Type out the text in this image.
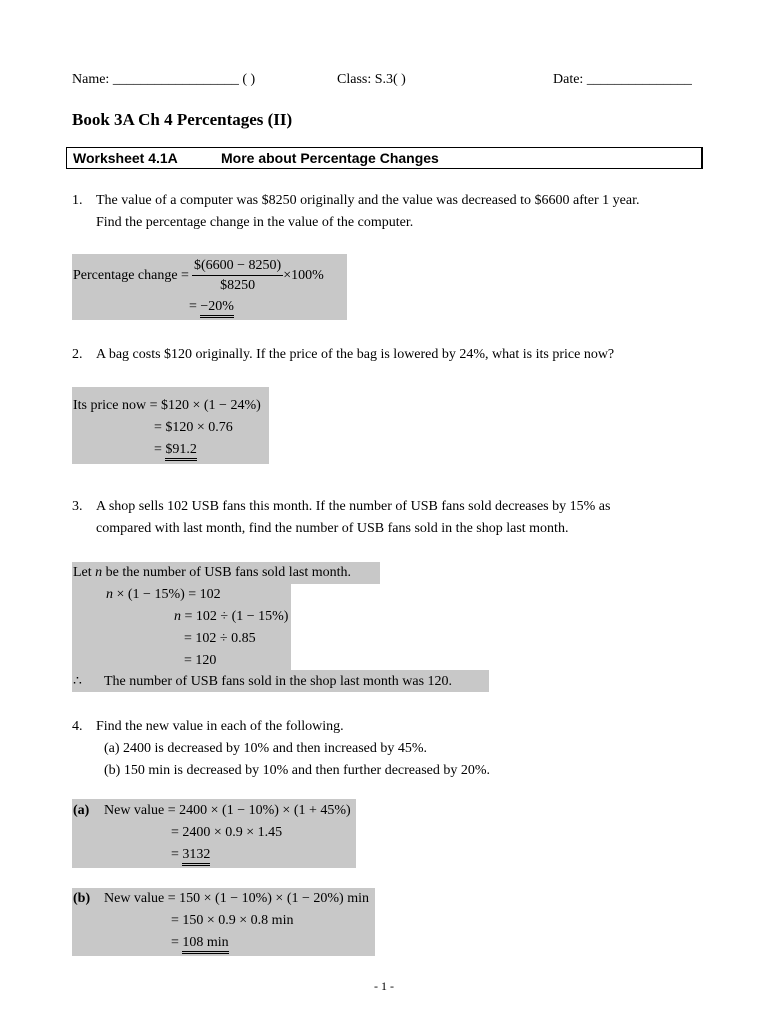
Name: __________________ ( )	Class: S.3( )	Date: _______________
Book 3A Ch 4 Percentages (II)
Worksheet 4.1A	More about Percentage Changes
1. The value of a computer was $8250 originally and the value was decreased to $6600 after 1 year.
Find the percentage change in the value of the computer.
Percentage change = $\frac{\$(6600 - 8250)}{\$8250} \times 100\%$
= −20%
2. A bag costs $120 originally. If the price of the bag is lowered by 24%, what is its price now?
Its price now = $120 × (1 − 24%)
= $120 × 0.76
= $91.2
3. A shop sells 102 USB fans this month. If the number of USB fans sold decreases by 15% as
compared with last month, find the number of USB fans sold in the shop last month.
Let n be the number of USB fans sold last month.
n × (1 − 15%) = 102
n = 102 ÷ (1 − 15%)
= 102 ÷ 0.85
= 120
∴ The number of USB fans sold in the shop last month was 120.
4. Find the new value in each of the following.
(a) 2400 is decreased by 10% and then increased by 45%.
(b) 150 min is decreased by 10% and then further decreased by 20%.
(a) New value = 2400 × (1 − 10%) × (1 + 45%)
= 2400 × 0.9 × 1.45
= 3132
(b) New value = 150 × (1 − 10%) × (1 − 20%) min
= 150 × 0.9 × 0.8 min
= 108 min
- 1 -
